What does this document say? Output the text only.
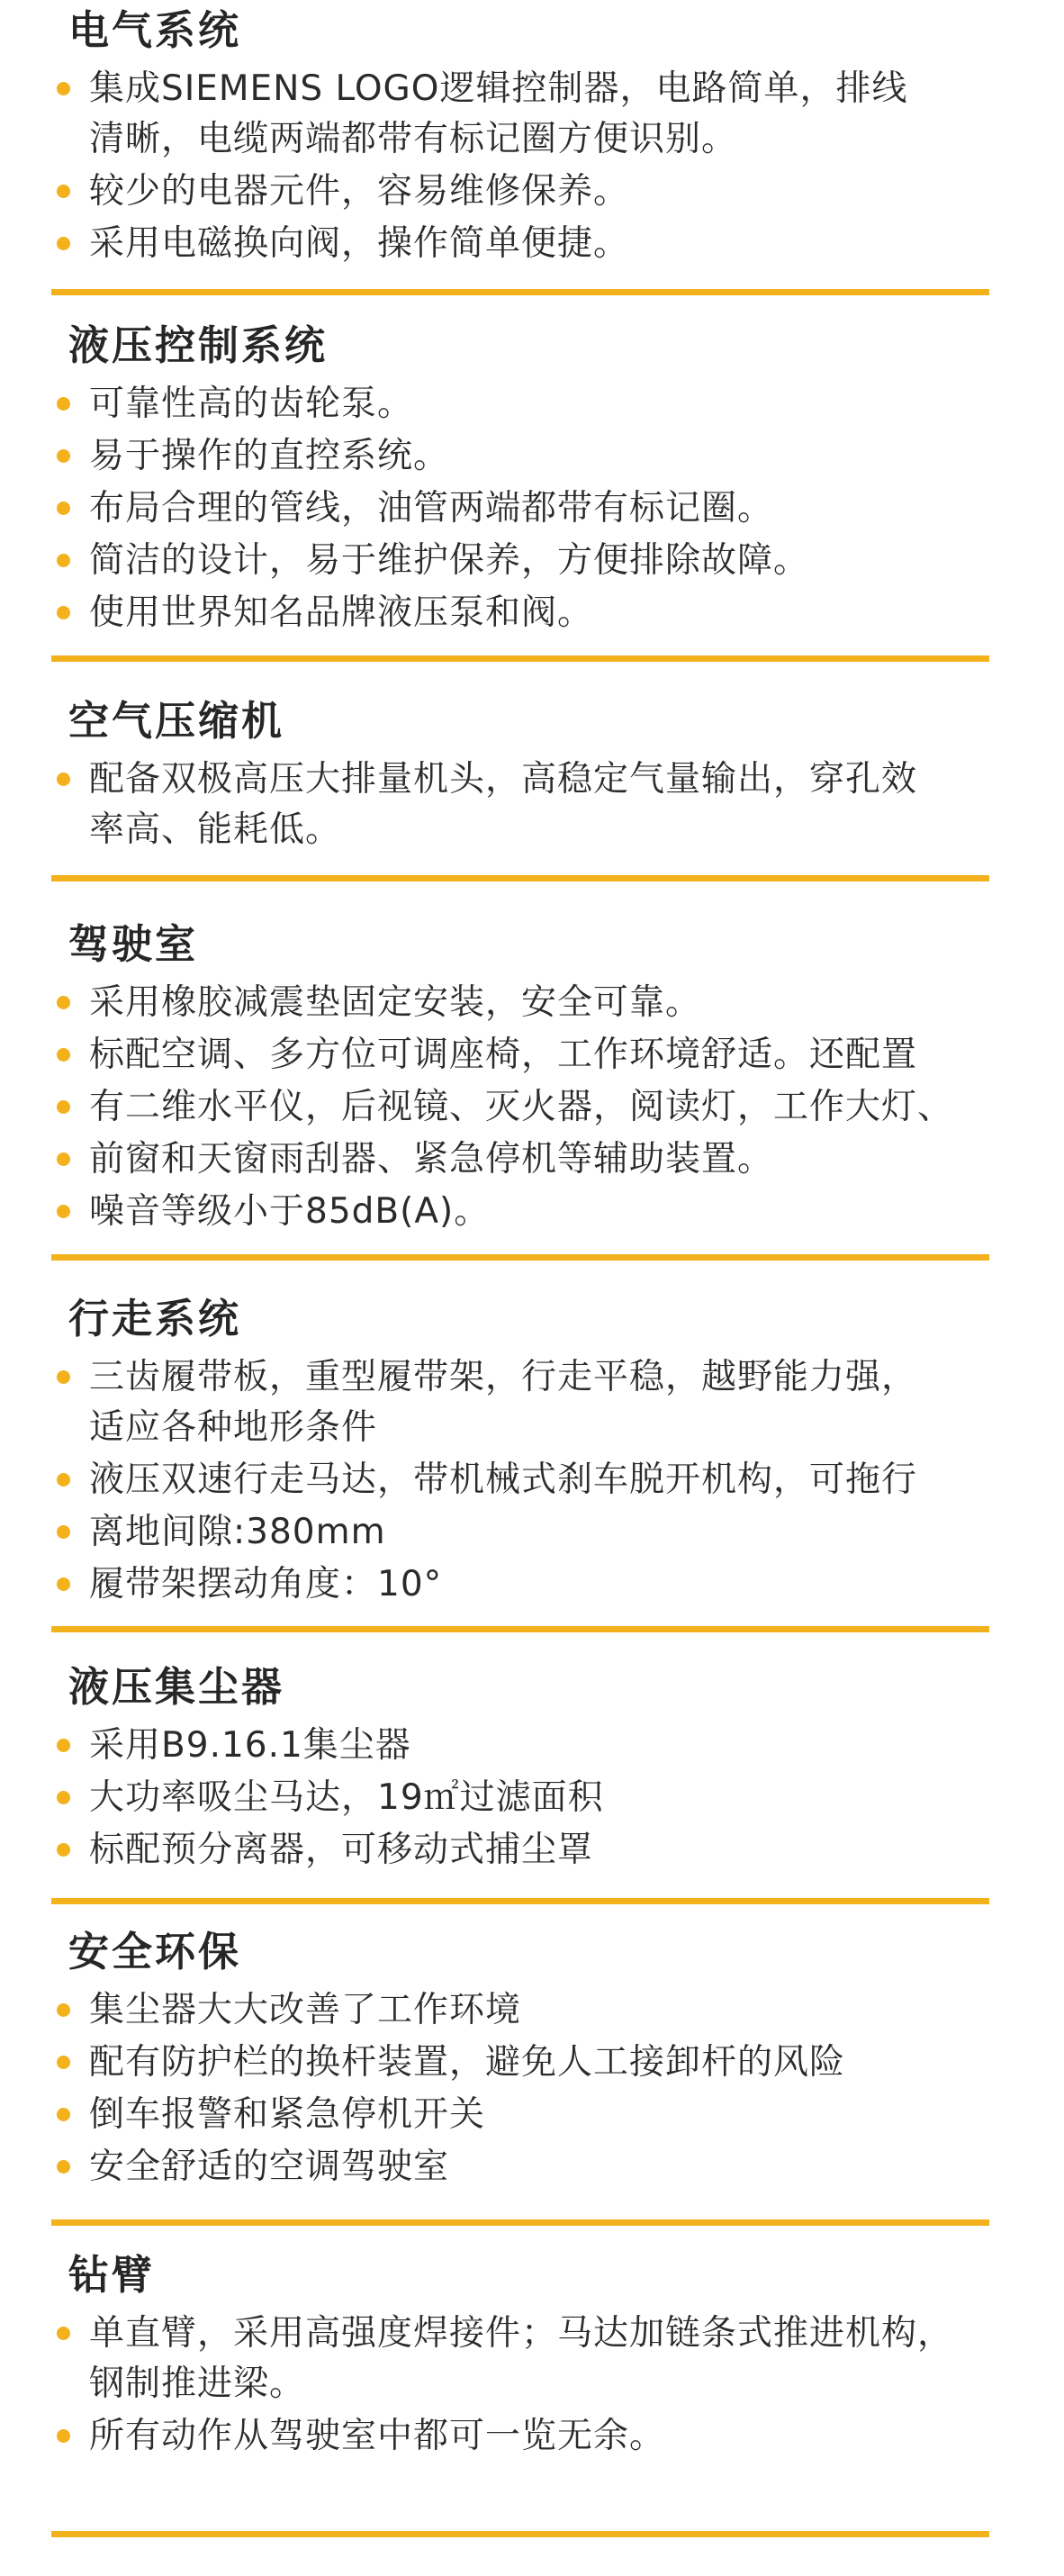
电气系统
集成SIEMENS LOGO逻辑控制器，电路简单，排线
清晰，电缆两端都带有标记圈方便识别。
较少的电器元件，容易维修保养。
采用电磁换向阀，操作简单便捷。
液压控制系统
可靠性高的齿轮泵。
易于操作的直控系统。
布局合理的管线，油管两端都带有标记圈。
简洁的设计，易于维护保养，方便排除故障。
使用世界知名品牌液压泵和阀。
空气压缩机
配备双极高压大排量机头，高稳定气量输出，穿孔效
率高、能耗低。
驾驶室
采用橡胶减震垫固定安装，安全可靠。
标配空调、多方位可调座椅，工作环境舒适。还配置
有二维水平仪，后视镜、灭火器，阅读灯，工作大灯、
前窗和天窗雨刮器、紧急停机等辅助装置。
噪音等级小于85dB(A)。
行走系统
三齿履带板，重型履带架，行走平稳，越野能力强，
适应各种地形条件
液压双速行走马达，带机械式刹车脱开机构，可拖行
离地间隙:380mm
履带架摆动角度：10°
液压集尘器
采用B9.16.1集尘器
大功率吸尘马达，19㎡过滤面积
标配预分离器，可移动式捕尘罩
安全环保
集尘器大大改善了工作环境
配有防护栏的换杆装置，避免人工接卸杆的风险
倒车报警和紧急停机开关
安全舒适的空调驾驶室
钻臂
单直臂，采用高强度焊接件；马达加链条式推进机构，
钢制推进梁。
所有动作从驾驶室中都可一览无余。
